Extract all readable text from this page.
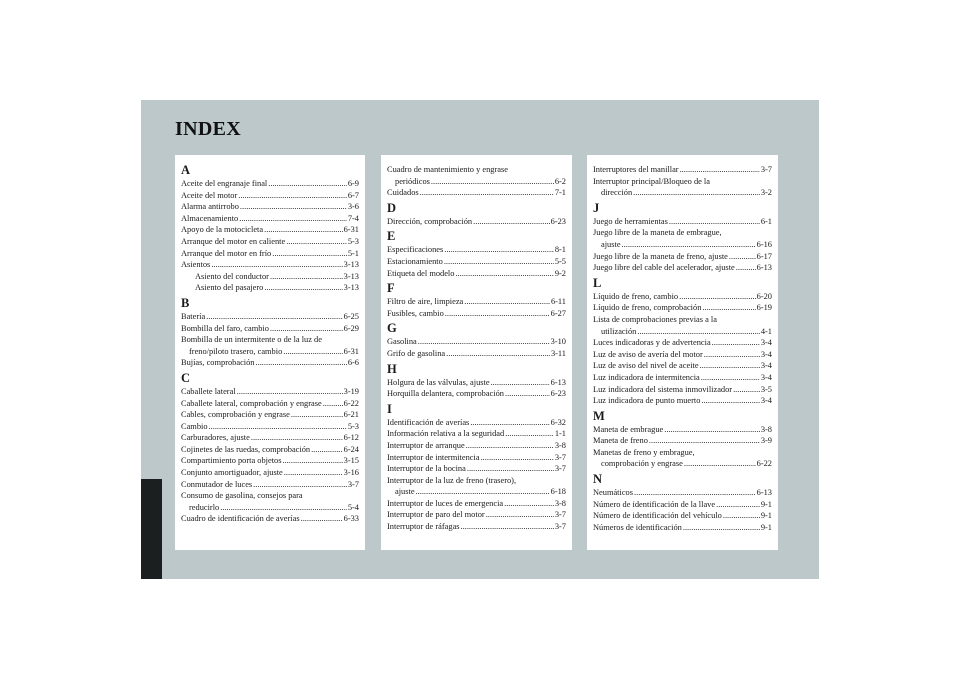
INDEX
A
Aceite del engranaje final .....	6-9
Aceite del motor .....	6-7
Alarma antirrobo .....	3-6
Almacenamiento .....	7-4
Apoyo de la motocicleta .....	6-31
Arranque del motor en caliente .....	5-3
Arranque del motor en frío .....	5-1
Asientos .....	3-13
Asiento del conductor .....	3-13
Asiento del pasajero .....	3-13
B
Batería .....	6-25
Bombilla del faro, cambio .....	6-29
Bombilla de un intermitente o de la luz de
freno/piloto trasero, cambio .....	6-31
Bujías, comprobación .....	6-6
C
Caballete lateral .....	3-19
Caballete lateral, comprobación y engrase .....	6-22
Cables, comprobación y engrase .....	6-21
Cambio .....	5-3
Carburadores, ajuste .....	6-12
Cojinetes de las ruedas, comprobación .....	6-24
Compartimiento porta objetos .....	3-15
Conjunto amortiguador, ajuste .....	3-16
Conmutador de luces .....	3-7
Consumo de gasolina, consejos para
reducirlo .....	5-4
Cuadro de identificación de averías .....	6-33
Cuadro de mantenimiento y engrase
periódicos .....	6-2
Cuidados .....	7-1
D
Dirección, comprobación .....	6-23
E
Especificaciones .....	8-1
Estacionamiento .....	5-5
Etiqueta del modelo .....	9-2
F
Filtro de aire, limpieza .....	6-11
Fusibles, cambio .....	6-27
G
Gasolina .....	3-10
Grifo de gasolina .....	3-11
H
Holgura de las válvulas, ajuste .....	6-13
Horquilla delantera, comprobación .....	6-23
I
Identificación de averías .....	6-32
Información relativa a la seguridad .....	1-1
Interruptor de arranque .....	3-8
Interruptor de intermitencia .....	3-7
Interruptor de la bocina .....	3-7
Interruptor de la luz de freno (trasero),
ajuste .....	6-18
Interruptor de luces de emergencia .....	3-8
Interruptor de paro del motor .....	3-7
Interruptor de ráfagas .....	3-7
Interruptores del manillar .....	3-7
Interruptor principal/Bloqueo de la
dirección .....	3-2
J
Juego de herramientas .....	6-1
Juego libre de la maneta de embrague,
ajuste .....	6-16
Juego libre de la maneta de freno, ajuste .....	6-17
Juego libre del cable del acelerador, ajuste .....	6-13
L
Líquido de freno, cambio .....	6-20
Líquido de freno, comprobación .....	6-19
Lista de comprobaciones previas a la
utilización .....	4-1
Luces indicadoras y de advertencia .....	3-4
Luz de aviso de avería del motor .....	3-4
Luz de aviso del nivel de aceite .....	3-4
Luz indicadora de intermitencia .....	3-4
Luz indicadora del sistema inmovilizador .....	3-5
Luz indicadora de punto muerto .....	3-4
M
Maneta de embrague .....	3-8
Maneta de freno .....	3-9
Manetas de freno y embrague,
comprobación y engrase .....	6-22
N
Neumáticos .....	6-13
Número de identificación de la llave .....	9-1
Número de identificación del vehículo .....	9-1
Números de identificación .....	9-1
